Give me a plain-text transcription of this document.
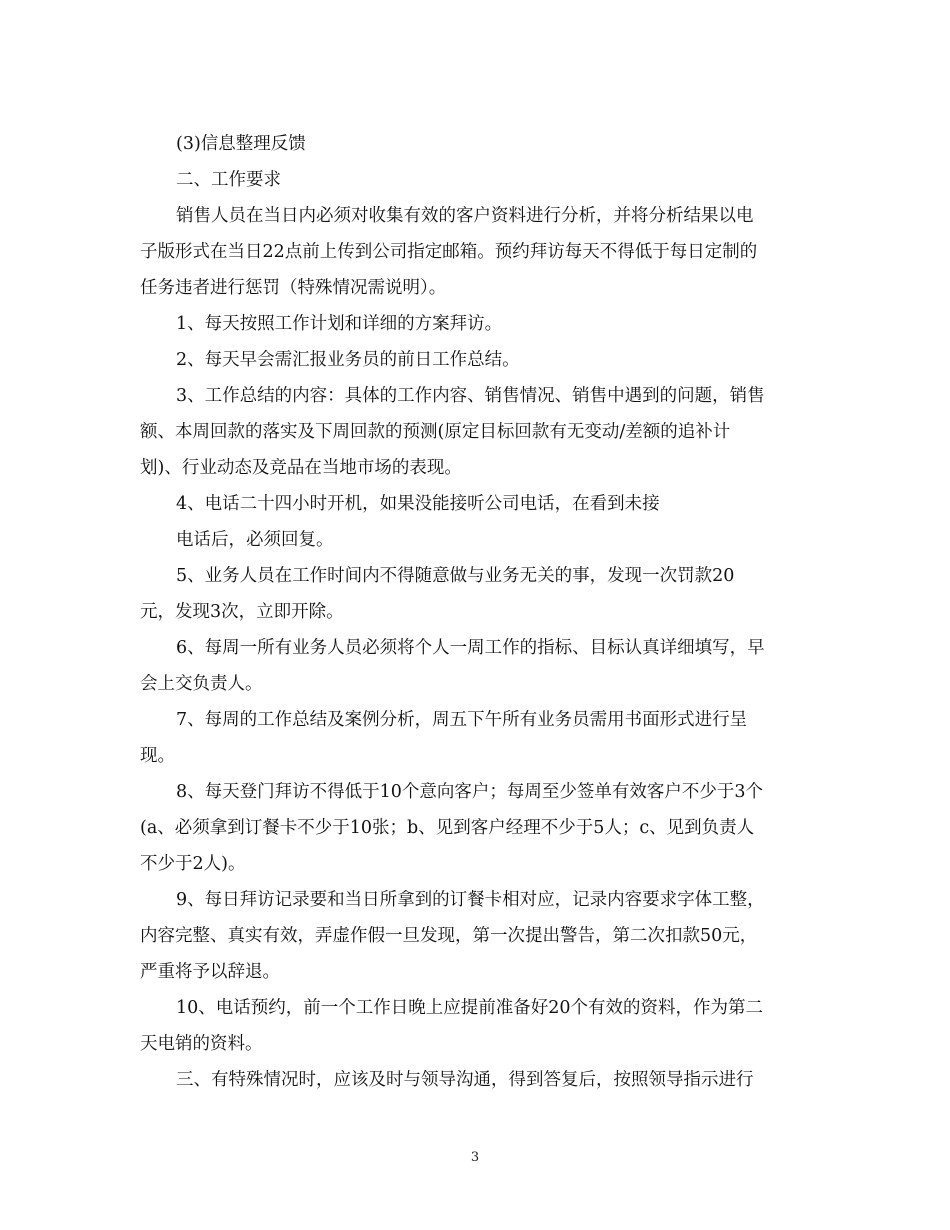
(3)信息整理反馈

二、工作要求

销售人员在当日内必须对收集有效的客户资料进行分析，并将分析结果以电

子版形式在当日22点前上传到公司指定邮箱。预约拜访每天不得低于每日定制的

任务违者进行惩罚（特殊情况需说明）。

1、每天按照工作计划和详细的方案拜访。

2、每天早会需汇报业务员的前日工作总结。

3、工作总结的内容：具体的工作内容、销售情况、销售中遇到的问题，销售

额、本周回款的落实及下周回款的预测(原定目标回款有无变动/差额的追补计

划)、行业动态及竞品在当地市场的表现。

4、电话二十四小时开机，如果没能接听公司电话，在看到未接

电话后，必须回复。

5、业务人员在工作时间内不得随意做与业务无关的事，发现一次罚款20

元，发现3次，立即开除。

6、每周一所有业务人员必须将个人一周工作的指标、目标认真详细填写，早

会上交负责人。

7、每周的工作总结及案例分析，周五下午所有业务员需用书面形式进行呈

现。

8、每天登门拜访不得低于10个意向客户；每周至少签单有效客户不少于3个

(a、必须拿到订餐卡不少于10张；b、见到客户经理不少于5人；c、见到负责人

不少于2人)。

9、每日拜访记录要和当日所拿到的订餐卡相对应，记录内容要求字体工整，

内容完整、真实有效，弄虚作假一旦发现，第一次提出警告，第二次扣款50元，

严重将予以辞退。

10、电话预约，前一个工作日晚上应提前准备好20个有效的资料，作为第二

天电销的资料。

三、有特殊情况时，应该及时与领导沟通，得到答复后，按照领导指示进行

3
